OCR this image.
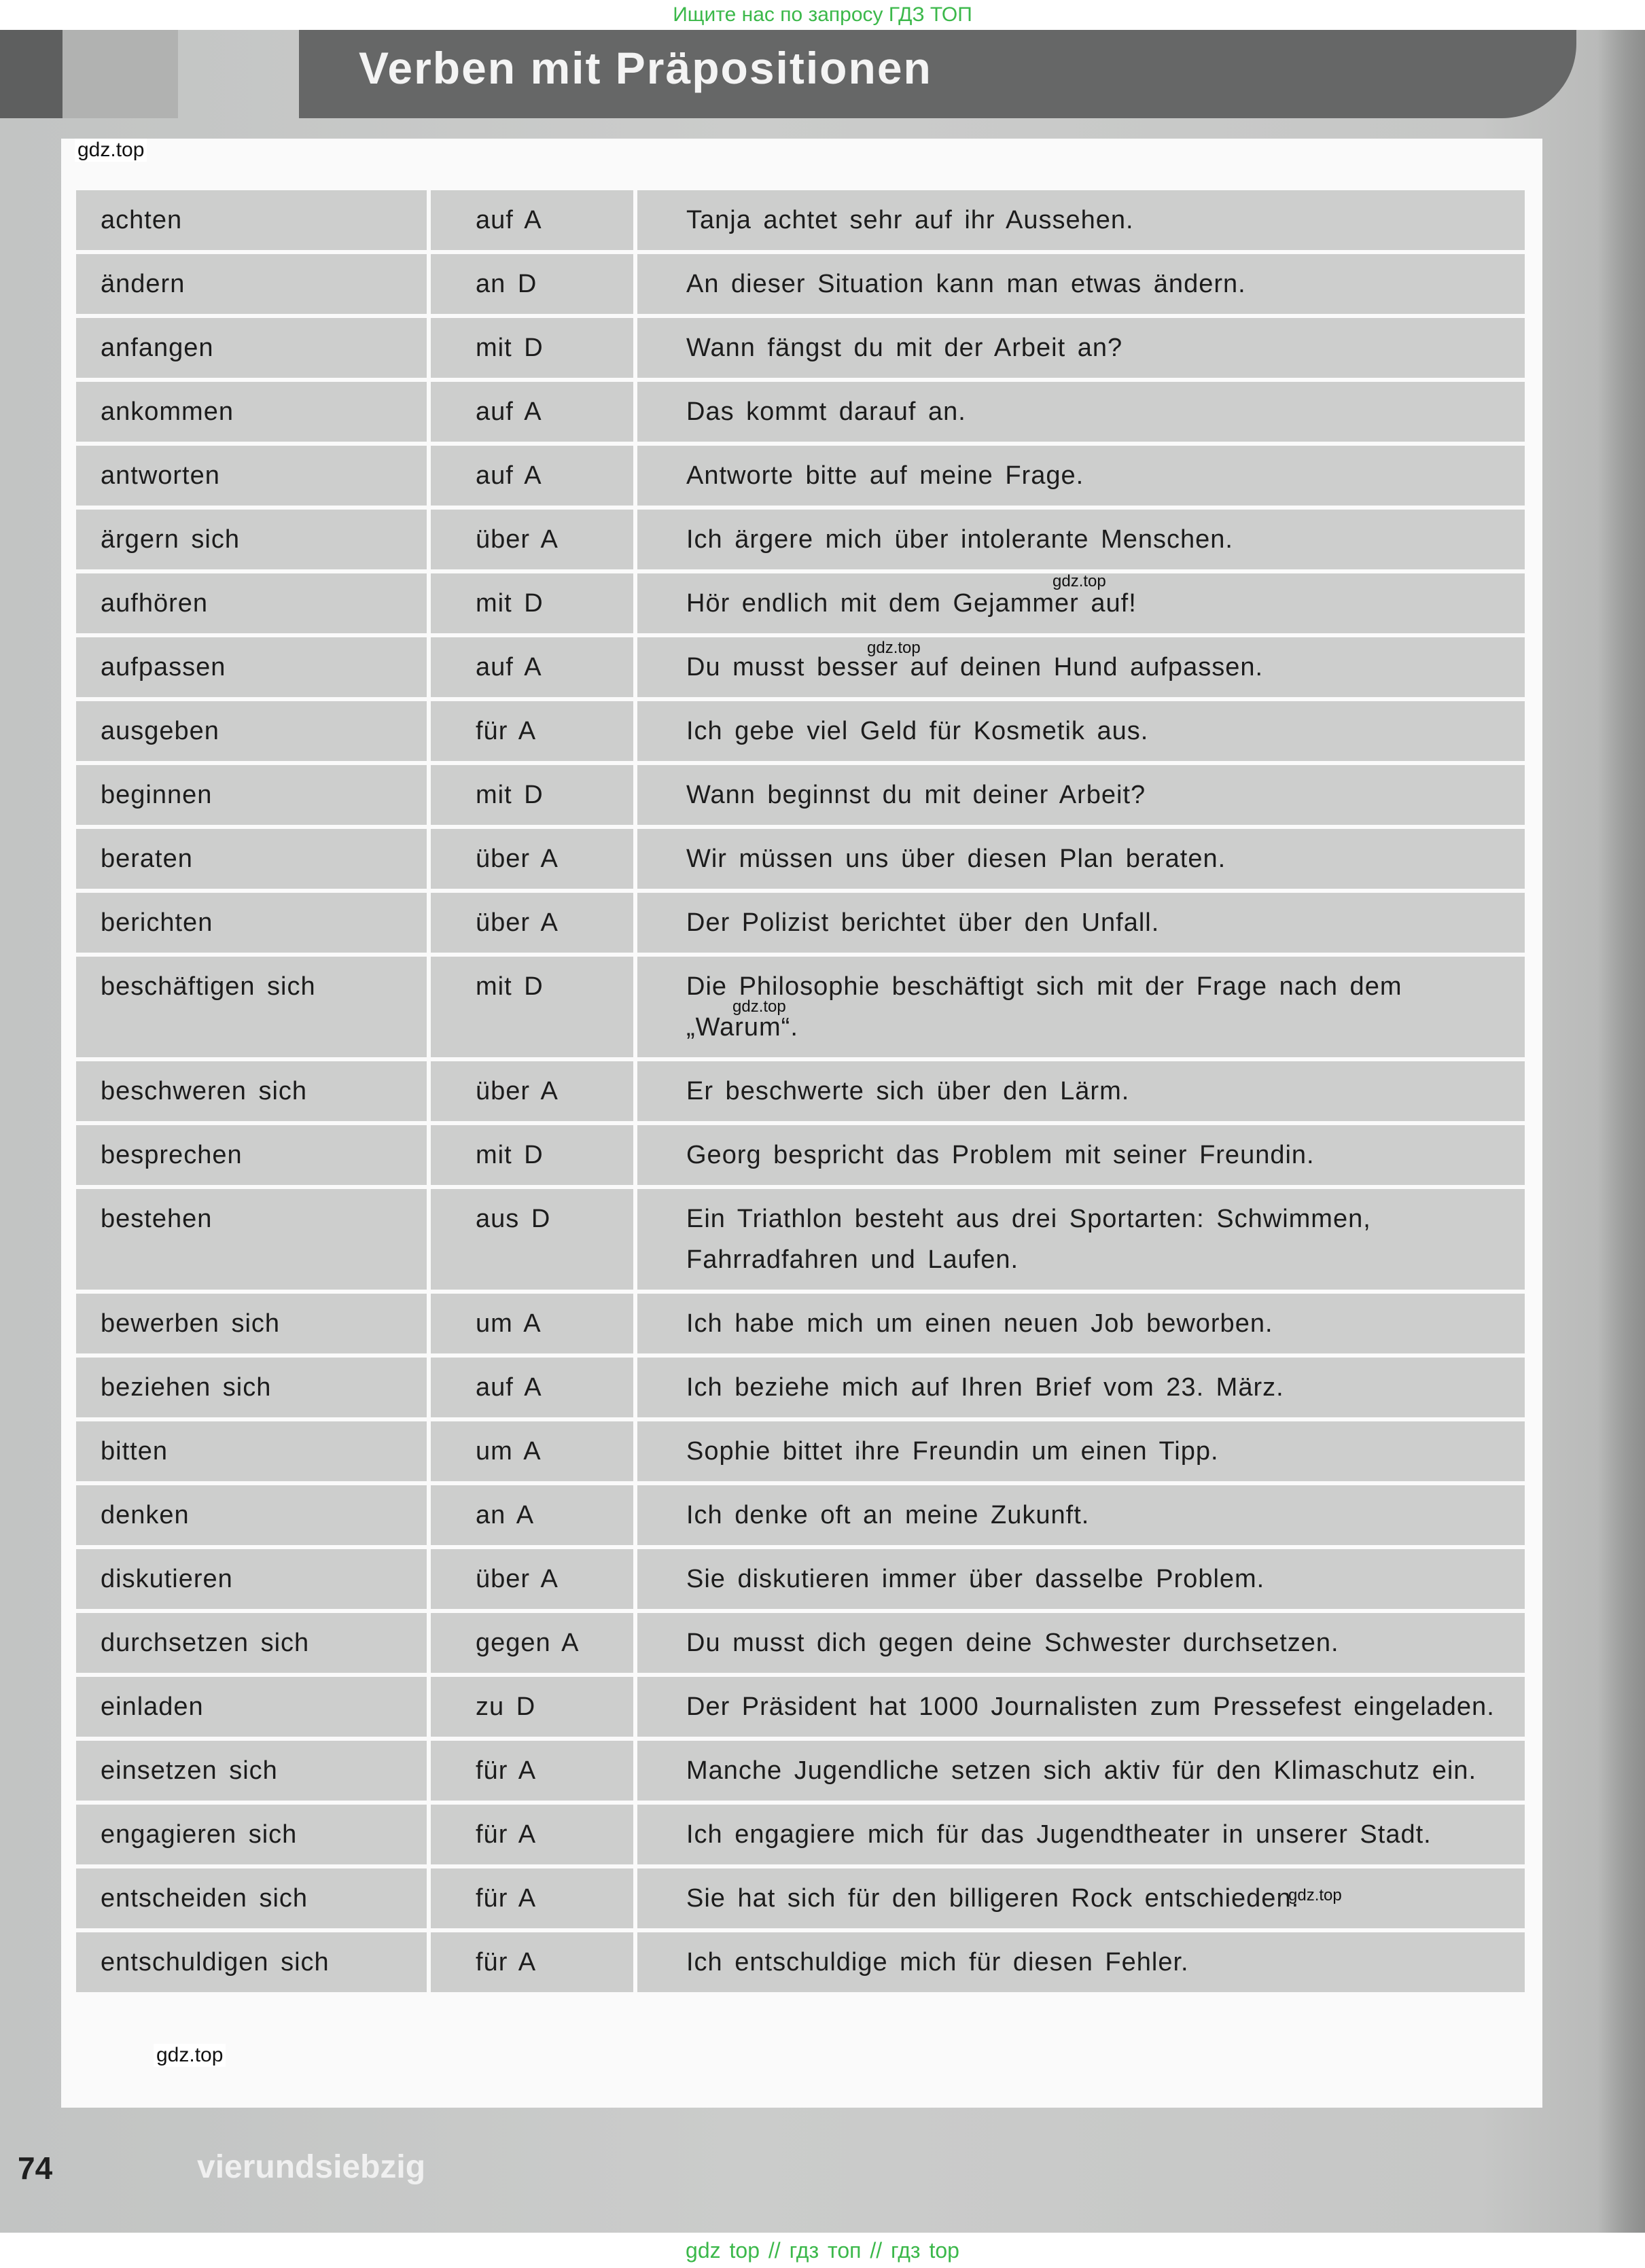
Ищите нас по запросу ГДЗ ТОП
Verben mit Präpositionen
74	vierundsiebzig
gdz.top
achten	auf A	Tanja achtet sehr auf ihr Aussehen.
ändern	an D	An dieser Situation kann man etwas ändern.
anfangen	mit D	Wann fängst du mit der Arbeit an?
ankommen	auf A	Das kommt darauf an.
antworten	auf A	Antworte bitte auf meine Frage.
ärgern sich	über A	Ich ärgere mich über intolerante Menschen.
aufhören	mit D	Hör endlich mit dem Gejammer auf!
aufpassen	auf A	Du musst besser auf deinen Hund aufpassen.
ausgeben	für A	Ich gebe viel Geld für Kosmetik aus.
beginnen	mit D	Wann beginnst du mit deiner Arbeit?
beraten	über A	Wir müssen uns über diesen Plan beraten.
berichten	über A	Der Polizist berichtet über den Unfall.
beschäftigen sich	mit D	Die Philosophie beschäftigt sich mit der Frage nach dem „Warum“.
beschweren sich	über A	Er beschwerte sich über den Lärm.
besprechen	mit D	Georg bespricht das Problem mit seiner Freundin.
bestehen	aus D	Ein Triathlon besteht aus drei Sportarten: Schwimmen, Fahrradfahren und Laufen.
bewerben sich	um A	Ich habe mich um einen neuen Job beworben.
beziehen sich	auf A	Ich beziehe mich auf Ihren Brief vom 23. März.
bitten	um A	Sophie bittet ihre Freundin um einen Tipp.
denken	an A	Ich denke oft an meine Zukunft.
diskutieren	über A	Sie diskutieren immer über dasselbe Problem.
durchsetzen sich	gegen A	Du musst dich gegen deine Schwester durchsetzen.
einladen	zu D	Der Präsident hat 1000 Journalisten zum Pressefest eingeladen.
einsetzen sich	für A	Manche Jugendliche setzen sich aktiv für den Klimaschutz ein.
engagieren sich	für A	Ich engagiere mich für das Jugendtheater in unserer Stadt.
entscheiden sich	für A	Sie hat sich für den billigeren Rock entschieden.
entschuldigen sich	für A	Ich entschuldige mich für diesen Fehler.
gdz.top
gdz.top
gdz.top
gdz.top
gdz.top
gdz top // гдз топ // гдз top
